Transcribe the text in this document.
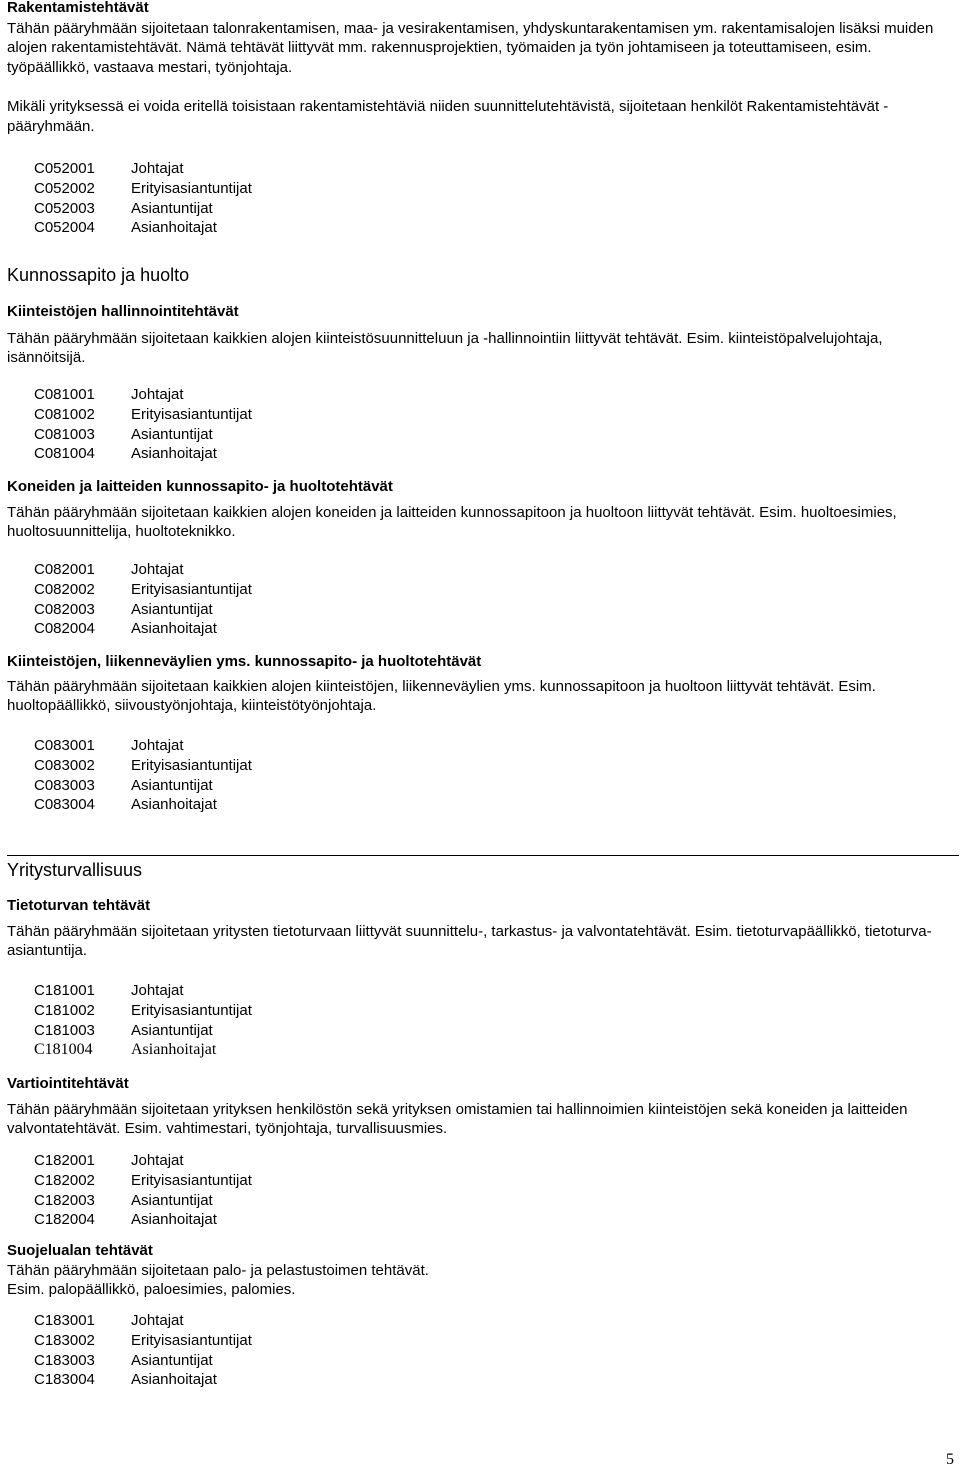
Rakentamistehtävät

Tähän pääryhmään sijoitetaan talonrakentamisen, maa- ja vesirakentamisen, yhdyskuntarakentamisen ym. rakentamisalojen lisäksi muiden alojen rakentamistehtävät. Nämä tehtävät liittyvät mm. rakennusprojektien, työmaiden ja työn johtamiseen ja toteuttamiseen, esim. työpäällikkö, vastaava mestari, työnjohtaja.

Mikäli yrityksessä ei voida eritellä toisistaan rakentamistehtäviä niiden suunnittelutehtävistä, sijoitetaan henkilöt Rakentamistehtävät -pääryhmään.

C052001	Johtajat
C052002	Erityisasiantuntijat
C052003	Asiantuntijat
C052004	Asianhoitajat

Kunnossapito ja huolto

Kiinteistöjen hallinnointitehtävät

Tähän pääryhmään sijoitetaan kaikkien alojen kiinteistösuunnitteluun ja -hallinnointiin liittyvät tehtävät. Esim. kiinteistöpalvelujohtaja, isännöitsijä.

C081001	Johtajat
C081002	Erityisasiantuntijat
C081003	Asiantuntijat
C081004	Asianhoitajat

Koneiden ja laitteiden kunnossapito- ja huoltotehtävät

Tähän pääryhmään sijoitetaan kaikkien alojen koneiden ja laitteiden kunnossapitoon ja huoltoon liittyvät tehtävät. Esim. huoltoesimies, huoltosuunnittelija, huoltoteknikko.

C082001	Johtajat
C082002	Erityisasiantuntijat
C082003	Asiantuntijat
C082004	Asianhoitajat

Kiinteistöjen, liikenneväylien yms. kunnossapito- ja huoltotehtävät

Tähän pääryhmään sijoitetaan kaikkien alojen kiinteistöjen, liikenneväylien yms. kunnossapitoon ja huoltoon liittyvät tehtävät. Esim. huoltopäällikkö, siivoustyönjohtaja, kiinteistötyönjohtaja.

C083001	Johtajat
C083002	Erityisasiantuntijat
C083003	Asiantuntijat
C083004	Asianhoitajat

Yritysturvallisuus

Tietoturvan tehtävät

Tähän pääryhmään sijoitetaan yritysten tietoturvaan liittyvät suunnittelu-, tarkastus- ja valvontatehtävät. Esim. tietoturvapäällikkö, tietoturva-asiantuntija.

C181001	Johtajat
C181002	Erityisasiantuntijat
C181003	Asiantuntijat
C181004	Asianhoitajat

Vartiointitehtävät

Tähän pääryhmään sijoitetaan yrityksen henkilöstön sekä yrityksen omistamien tai hallinnoimien kiinteistöjen sekä koneiden ja laitteiden valvontatehtävät. Esim. vahtimestari, työnjohtaja, turvallisuusmies.

C182001	Johtajat
C182002	Erityisasiantuntijat
C182003	Asiantuntijat
C182004	Asianhoitajat

Suojelualan tehtävät

Tähän pääryhmään sijoitetaan palo- ja pelastustoimen tehtävät.

Esim. palopäällikkö, paloesimies, palomies.

C183001	Johtajat
C183002	Erityisasiantuntijat
C183003	Asiantuntijat
C183004	Asianhoitajat
5
